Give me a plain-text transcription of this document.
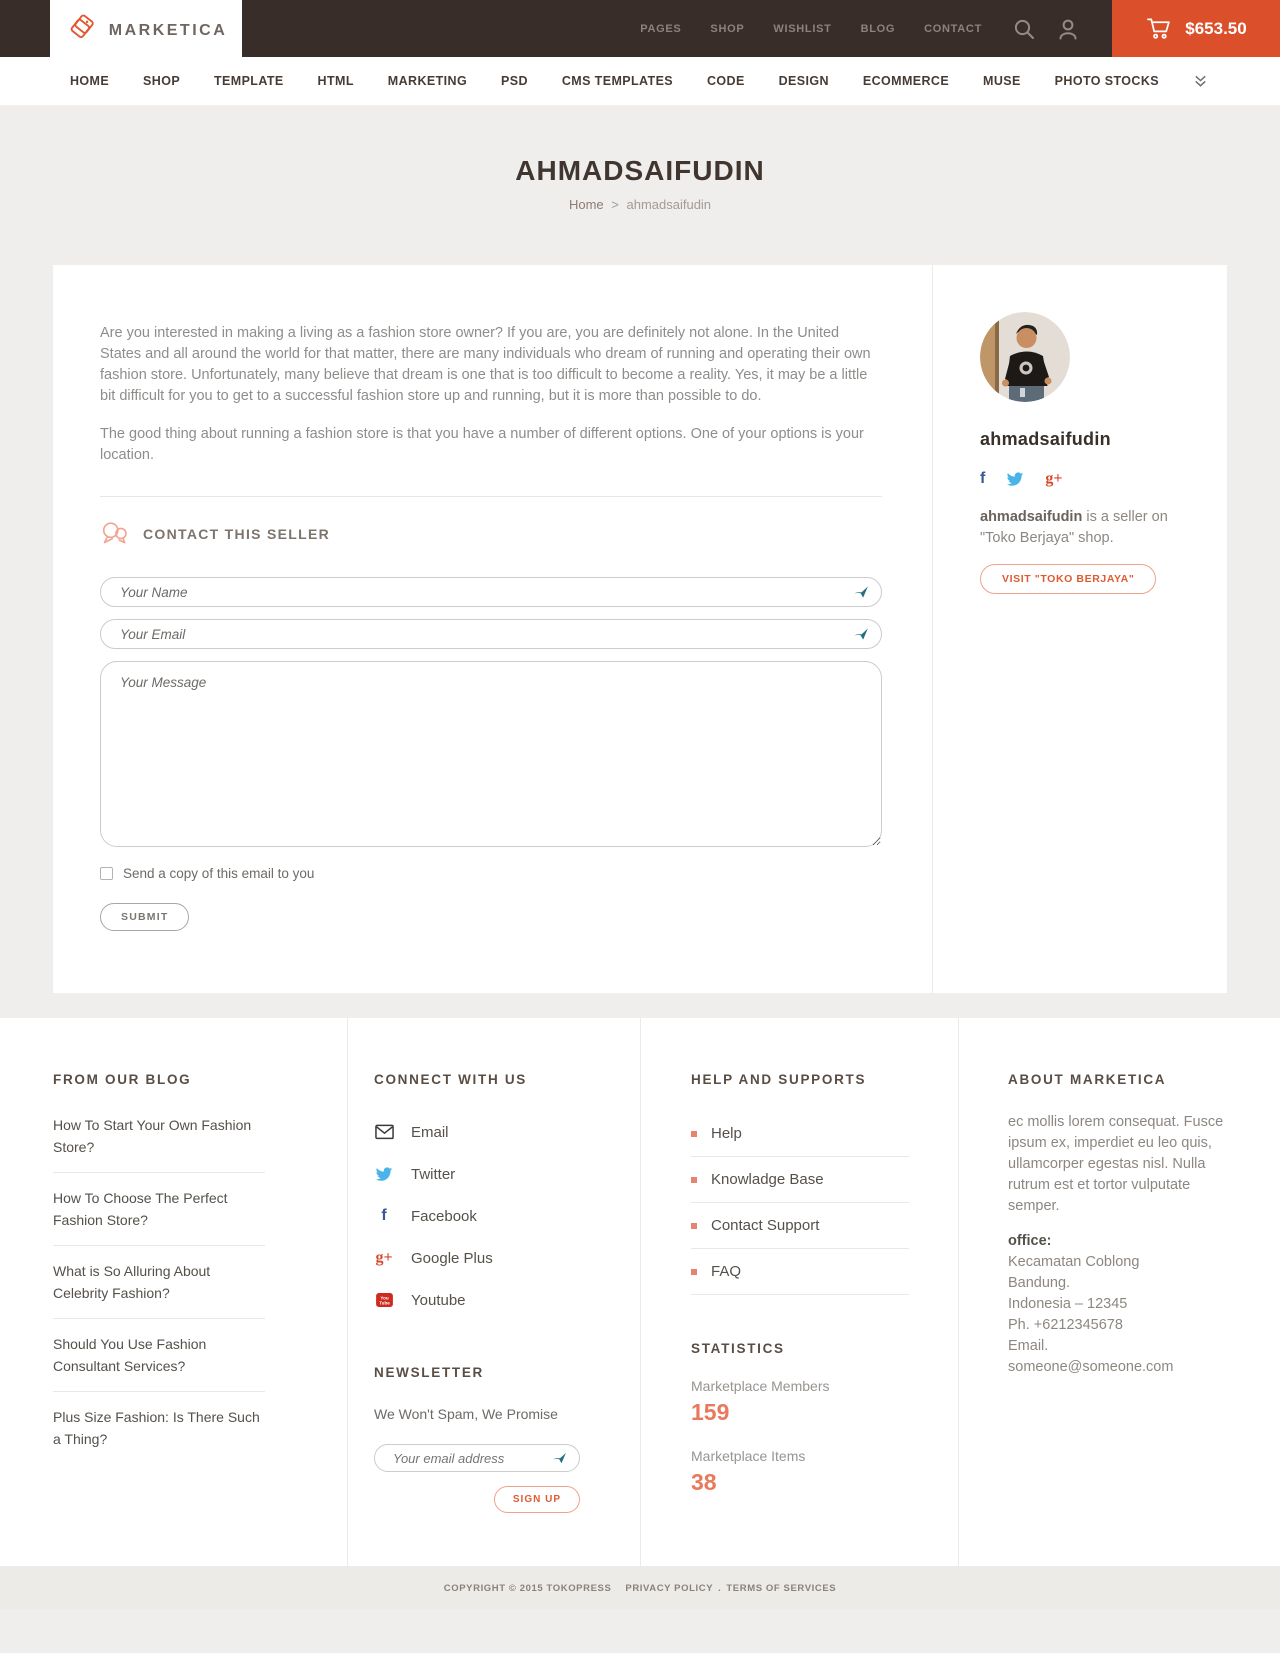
MARKETICA	PAGES	SHOP	WISHLIST	BLOG	CONTACT	$653.50
HOME	SHOP	TEMPLATE	HTML	MARKETING	PSD	CMS TEMPLATES	CODE	DESIGN	ECOMMERCE	MUSE	PHOTO STOCKS
AHMADSAIFUDIN
Home > ahmadsaifudin

Are you interested in making a living as a fashion store owner? If you are, you are definitely not alone. In the United States and all around the world for that matter, there are many individuals who dream of running and operating their own fashion store. Unfortunately, many believe that dream is one that is too difficult to become a reality. Yes, it may be a little bit difficult for you to get to a successful fashion store up and running, but it is more than possible to do.

The good thing about running a fashion store is that you have a number of different options. One of your options is your location.

CONTACT THIS SELLER
Your Name
Your Email
Your Message
Send a copy of this email to you
SUBMIT
ahmadsaifudin
f	g+

ahmadsaifudin is a seller on "Toko Berjaya" shop.

VISIT "TOKO BERJAYA"
FROM OUR BLOG
How To Start Your Own Fashion Store?
How To Choose The Perfect Fashion Store?
What is So Alluring About Celebrity Fashion?
Should You Use Fashion Consultant Services?
Plus Size Fashion: Is There Such a Thing?
CONNECT WITH US
Email
Twitter
f Facebook
g+ Google Plus
You
Tube Youtube
NEWSLETTER
We Won't Spam, We Promise
Your email address
SIGN UP
HELP AND SUPPORTS
Help
Knowladge Base
Contact Support
FAQ
STATISTICS
Marketplace Members
159
Marketplace Items
38
ABOUT MARKETICA

ec mollis lorem consequat. Fusce ipsum ex, imperdiet eu leo quis, ullamcorper egestas nisl. Nulla rutrum est et tortor vulputate semper.

office:
Kecamatan Coblong
Bandung.
Indonesia – 12345
Ph. +6212345678
Email. someone@someone.com
COPYRIGHT © 2015 TOKOPRESS PRIVACY POLICY . TERMS OF SERVICES
